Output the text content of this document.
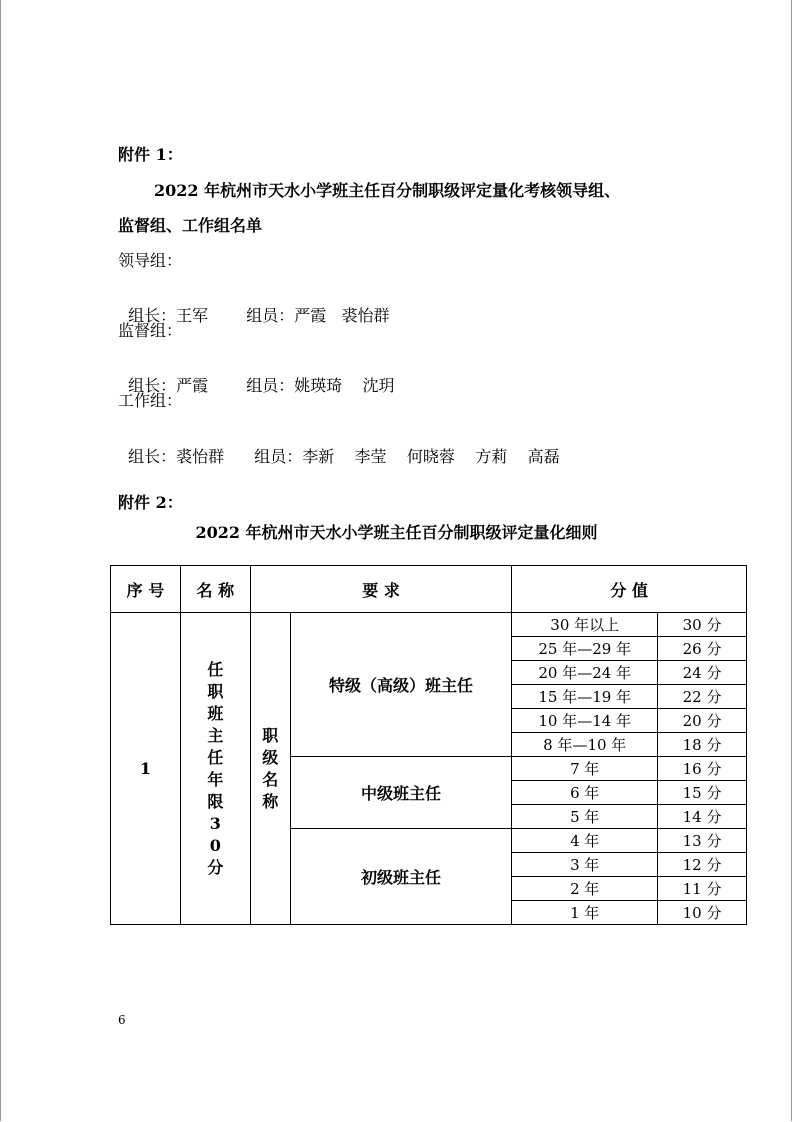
附件 1：
2022 年杭州市天水小学班主任百分制职级评定量化考核领导组、
监督组、工作组名单
领导组：

组长：王军 组员：严霞   裘怡群

监督组：

组长：严霞 组员：姚瑛琦    沈玥

工作组：

组长：裘怡群 组员：李新    李莹    何晓蓉    方莉    高磊

附件 2：
2022 年杭州市天水小学班主任百分制职级评定量化细则
序 号	名 称	要 求		分 值	
1	任职班主任年限30分	职级名称	特级（高级）班主任	30 年以上	30 分
				25 年—29 年	26 分
				20 年—24 年	24 分
				15 年—19 年	22 分
				10 年—14 年	20 分
				8 年—10 年	18 分
			中级班主任	7 年	16 分
				6 年	15 分
				5 年	14 分
			初级班主任	4 年	13 分
				3 年	12 分
				2 年	11 分
				1 年	10 分
6
